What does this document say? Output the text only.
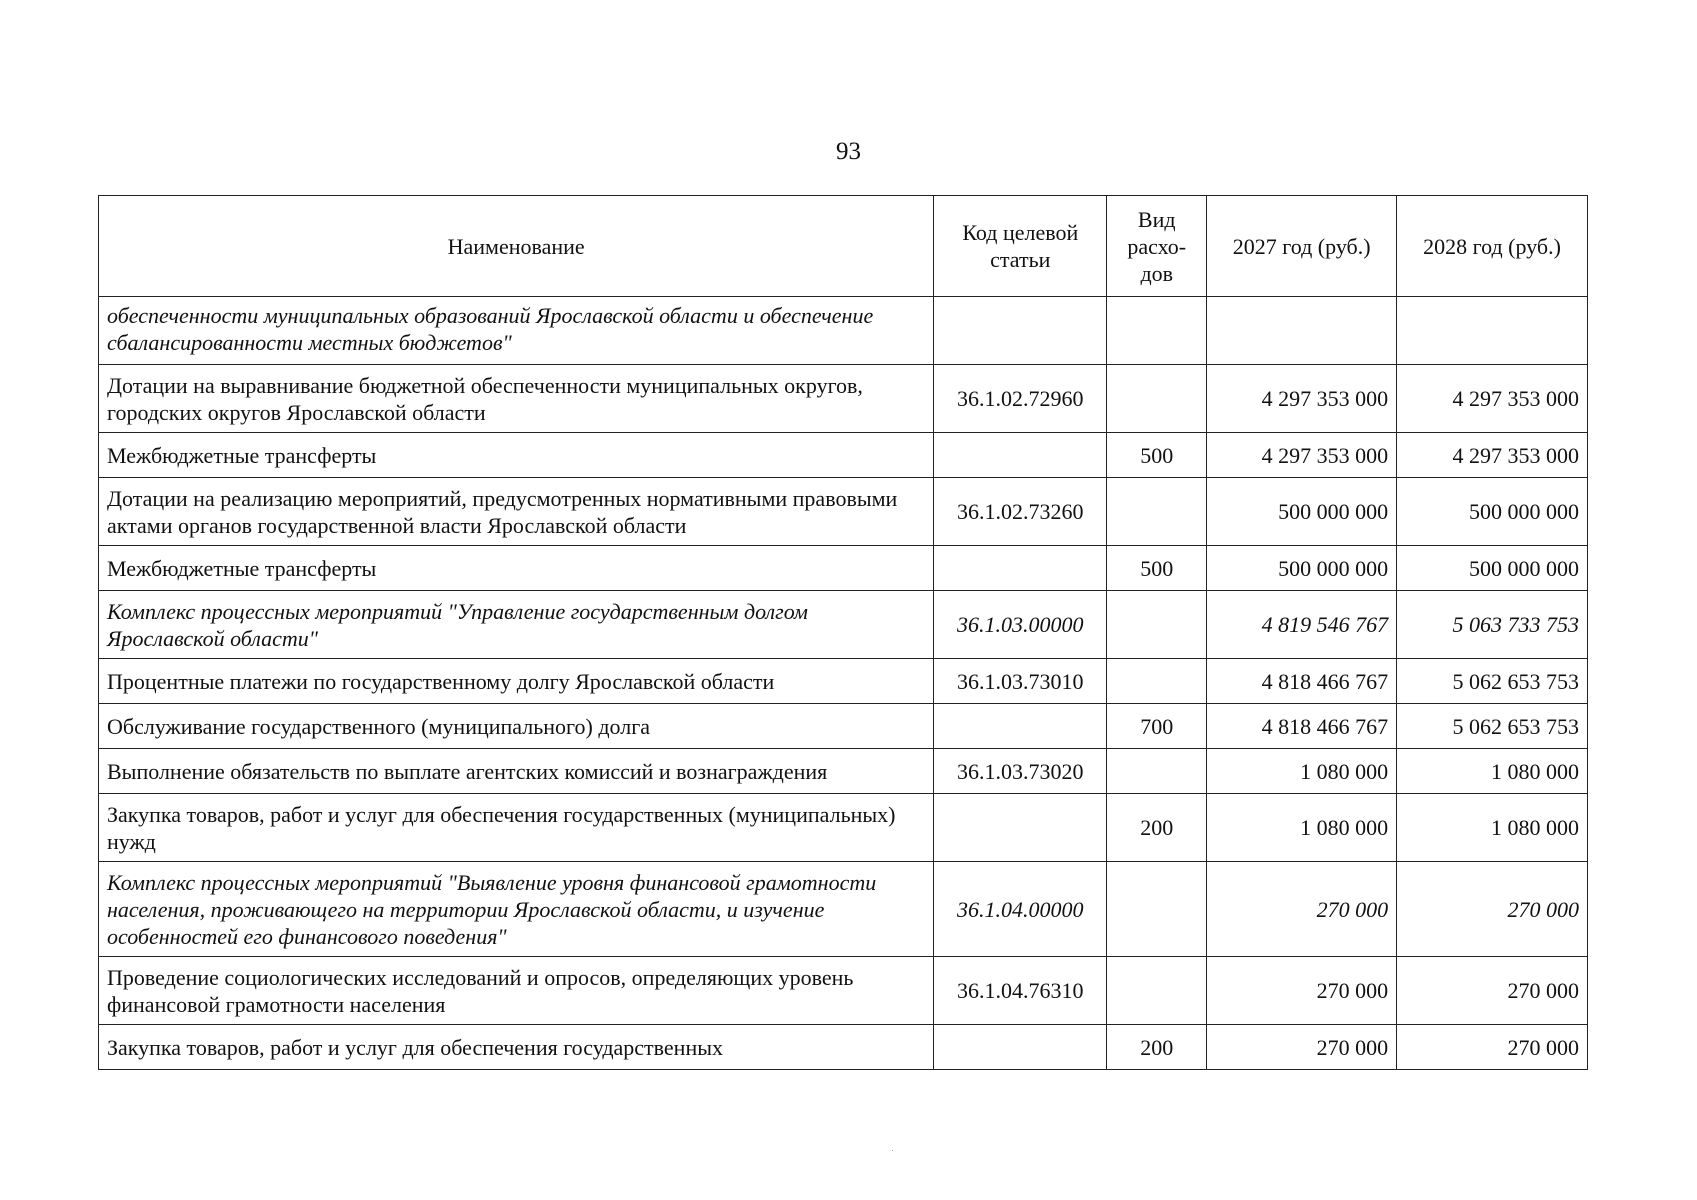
93
Наименование	Код целевой статьи	Вид расхо-дов	2027 год (руб.)	2028 год (руб.)
обеспеченности муниципальных образований Ярославской области и обеспечение сбалансированности местных бюджетов"				
Дотации на выравнивание бюджетной обеспеченности муниципальных округов, городских округов Ярославской области	36.1.02.72960		4 297 353 000	4 297 353 000
Межбюджетные трансферты		500	4 297 353 000	4 297 353 000
Дотации на реализацию мероприятий, предусмотренных нормативными правовыми актами органов государственной власти Ярославской области	36.1.02.73260		500 000 000	500 000 000
Межбюджетные трансферты		500	500 000 000	500 000 000
Комплекс процессных мероприятий "Управление государственным долгом Ярославской области"	36.1.03.00000		4 819 546 767	5 063 733 753
Процентные платежи по государственному долгу Ярославской области	36.1.03.73010		4 818 466 767	5 062 653 753
Обслуживание государственного (муниципального) долга		700	4 818 466 767	5 062 653 753
Выполнение обязательств по выплате агентских комиссий и вознаграждения	36.1.03.73020		1 080 000	1 080 000
Закупка товаров, работ и услуг для обеспечения государственных (муниципальных) нужд		200	1 080 000	1 080 000
Комплекс процессных мероприятий "Выявление уровня финансовой грамотности населения, проживающего на территории Ярославской области, и изучение особенностей его финансового поведения"	36.1.04.00000		270 000	270 000
Проведение социологических исследований и опросов, определяющих уровень финансовой грамотности населения	36.1.04.76310		270 000	270 000
Закупка товаров, работ и услуг для обеспечения государственных		200	270 000	270 000
